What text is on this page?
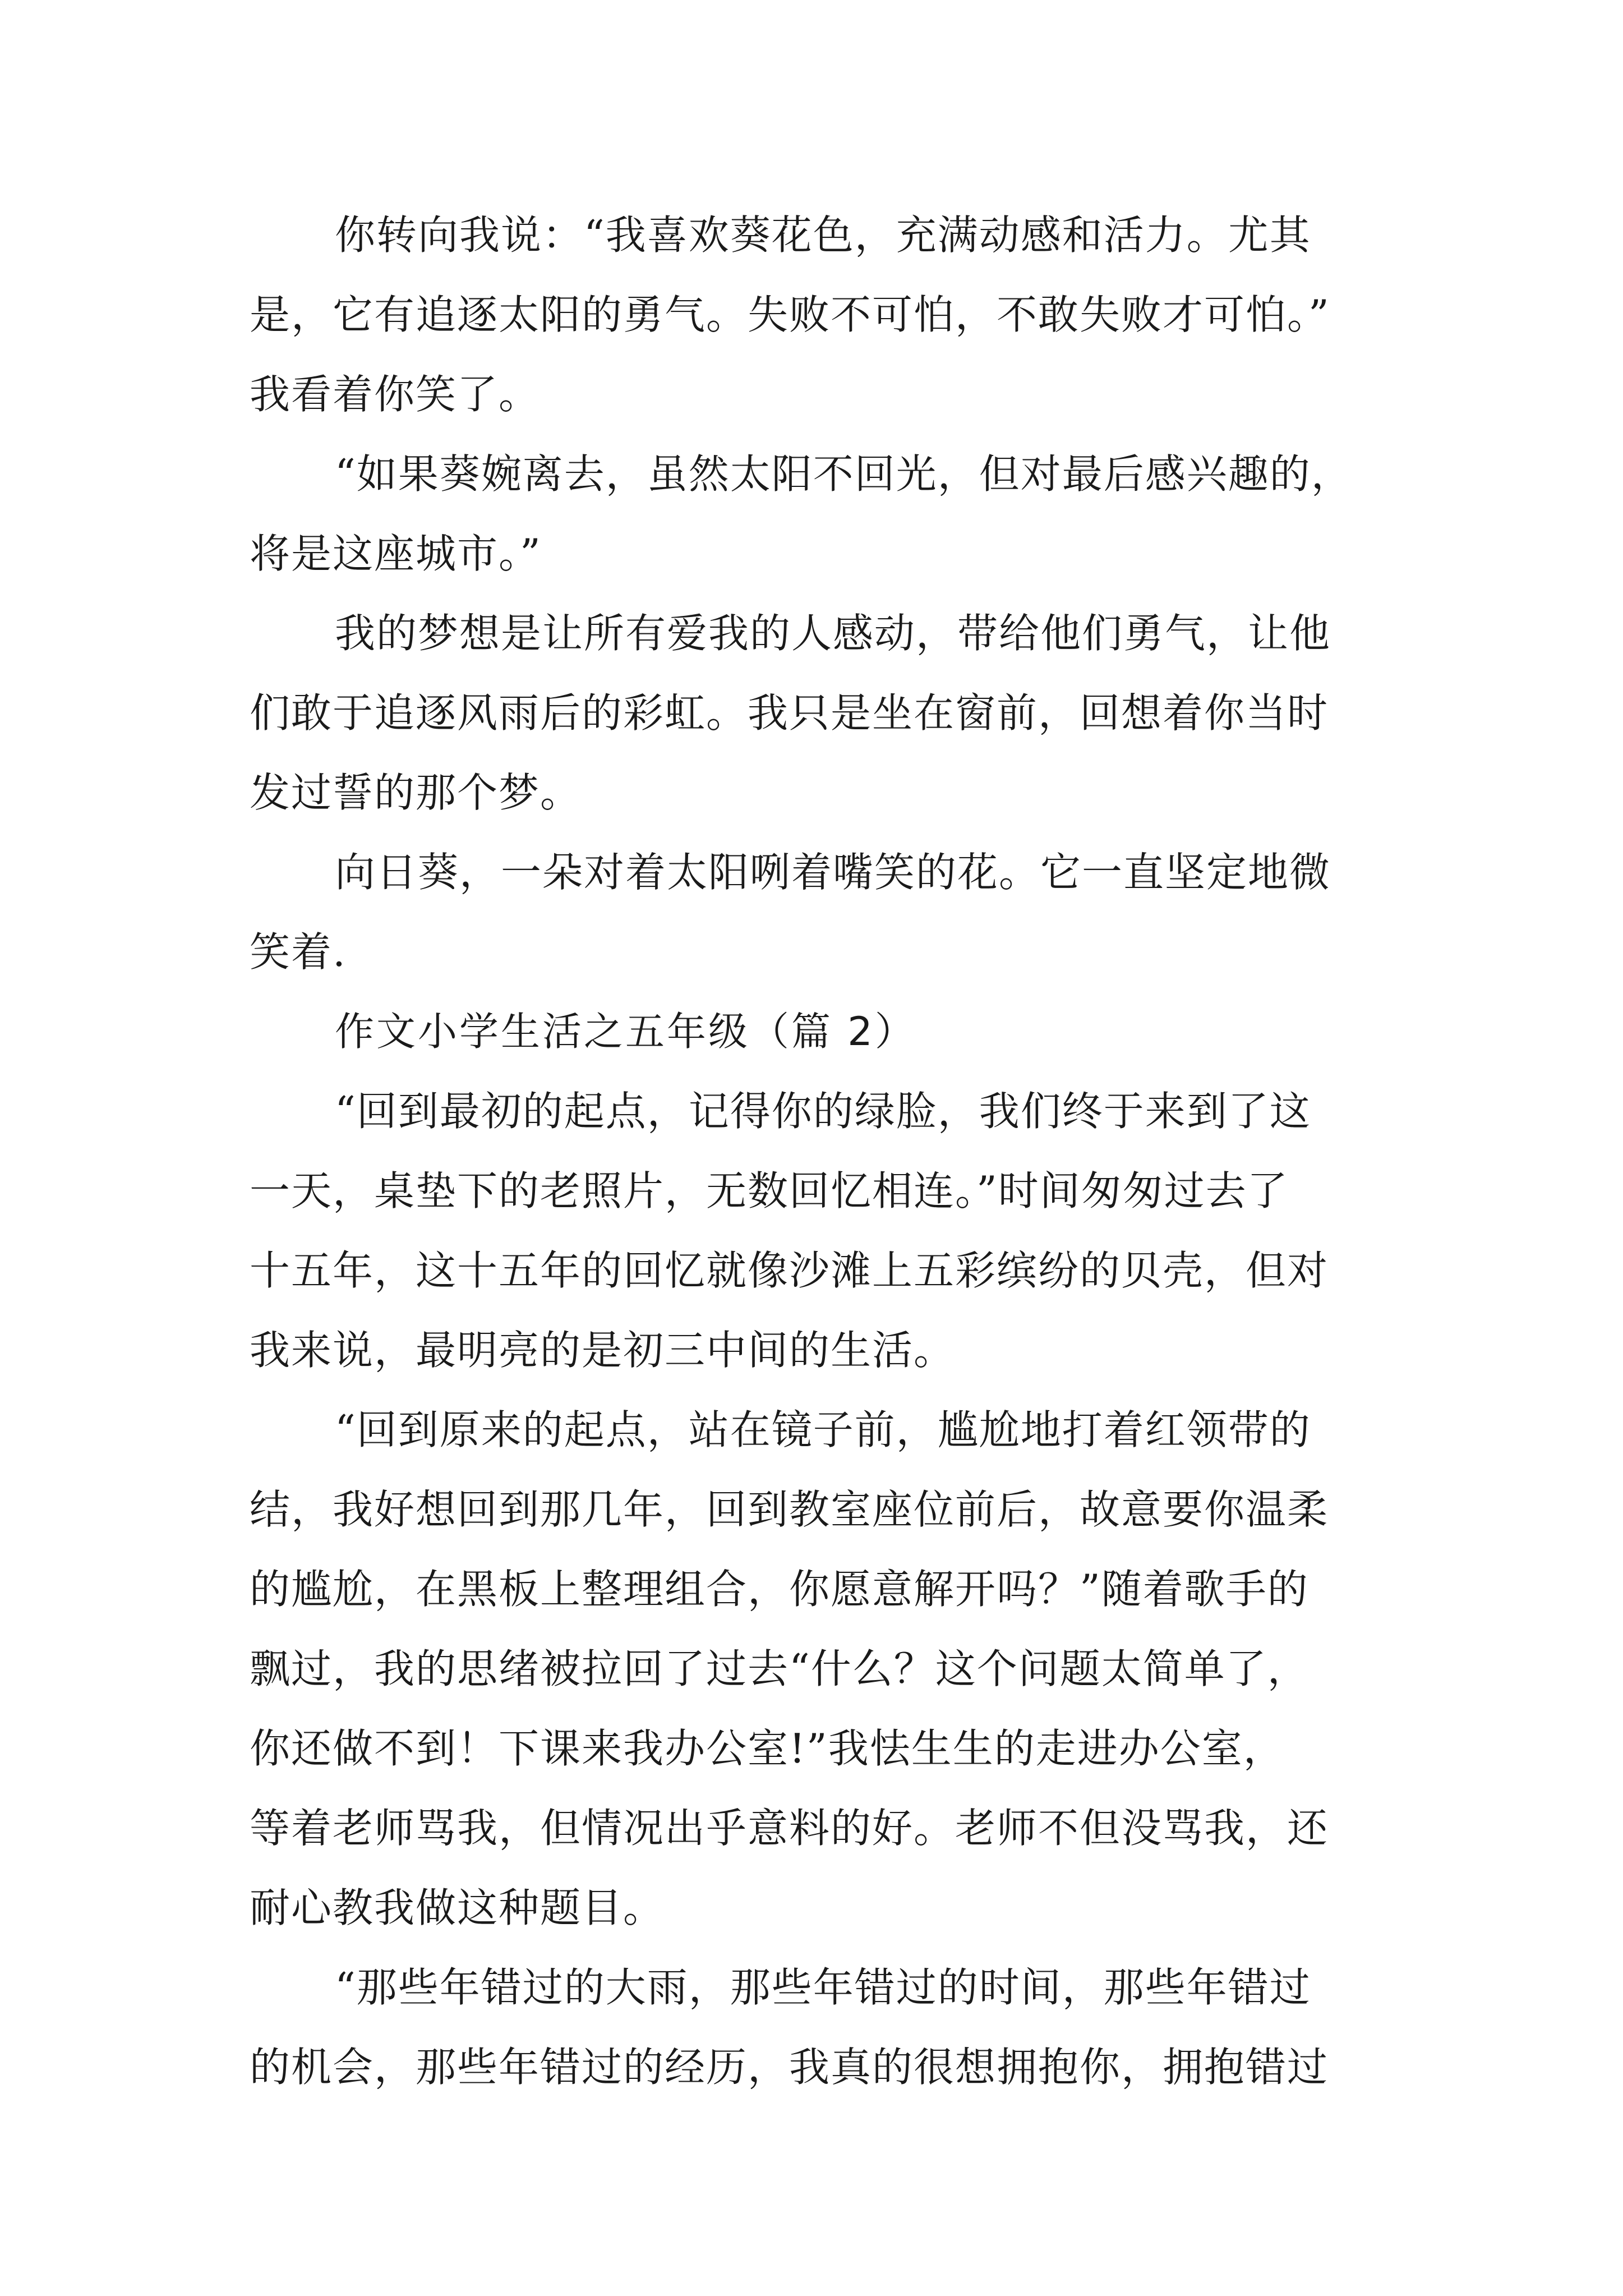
你转向我说：“我喜欢葵花色，充满动感和活力。尤其
是，它有追逐太阳的勇气。失败不可怕，不敢失败才可怕。”
我看着你笑了。
“如果葵婉离去，虽然太阳不回光，但对最后感兴趣的，
将是这座城市。”
我的梦想是让所有爱我的人感动，带给他们勇气，让他
们敢于追逐风雨后的彩虹。我只是坐在窗前，回想着你当时
发过誓的那个梦。
向日葵，一朵对着太阳咧着嘴笑的花。它一直坚定地微
笑着.
作文小学生活之五年级（篇 2）
“回到最初的起点，记得你的绿脸，我们终于来到了这
一天，桌垫下的老照片，无数回忆相连。”时间匆匆过去了
十五年，这十五年的回忆就像沙滩上五彩缤纷的贝壳，但对
我来说，最明亮的是初三中间的生活。
“回到原来的起点，站在镜子前，尴尬地打着红领带的
结，我好想回到那几年，回到教室座位前后，故意要你温柔
的尴尬，在黑板上整理组合，你愿意解开吗？”随着歌手的
飘过，我的思绪被拉回了过去“什么？这个问题太简单了，
你还做不到！下课来我办公室!”我怯生生的走进办公室，
等着老师骂我，但情况出乎意料的好。老师不但没骂我，还
耐心教我做这种题目。
“那些年错过的大雨，那些年错过的时间，那些年错过
的机会，那些年错过的经历，我真的很想拥抱你，拥抱错过
